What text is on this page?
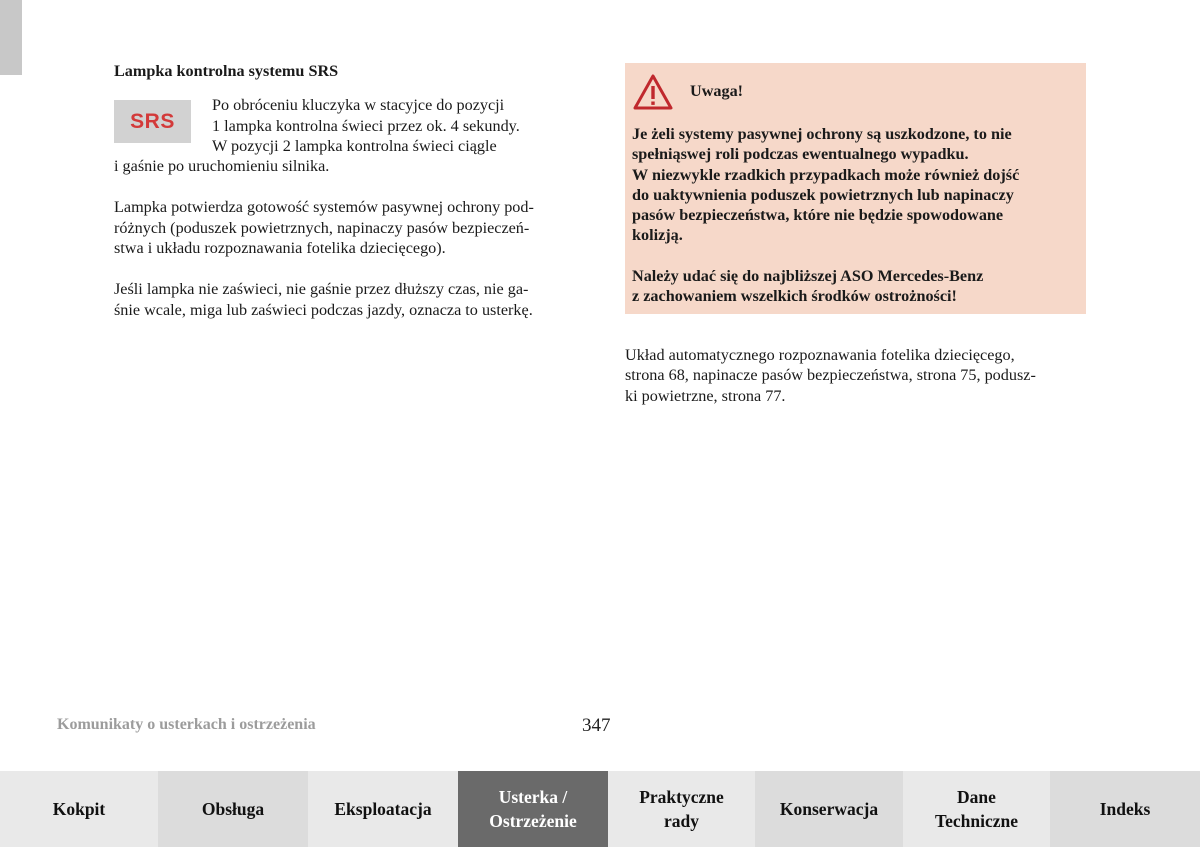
Lampka kontrolna systemu SRS
SRS
Po obróceniu kluczyka w stacyjce do pozycji
1 lampka kontrolna świeci przez ok. 4 sekundy.
W pozycji 2 lampka kontrolna świeci ciągle
i gaśnie po uruchomieniu silnika.
Lampka potwierdza gotowość systemów pasywnej ochrony pod-
różnych (poduszek powietrznych, napinaczy pasów bezpieczeń-
stwa i układu rozpoznawania fotelika dziecięcego).
Jeśli lampka nie zaświeci, nie gaśnie przez dłuższy czas, nie ga-
śnie wcale, miga lub zaświeci podczas jazdy, oznacza to usterkę.
Uwaga!
Je żeli systemy pasywnej ochrony są uszkodzone, to nie
spełniąswej roli podczas ewentualnego wypadku.
W niezwykle rzadkich przypadkach może również dojść
do uaktywnienia poduszek powietrznych lub napinaczy
pasów bezpieczeństwa, które nie będzie spowodowane
kolizją.
Należy udać się do najbliższej ASO Mercedes-Benz
z zachowaniem wszelkich środków ostrożności!
Układ automatycznego rozpoznawania fotelika dziecięcego,
strona 68, napinacze pasów bezpieczeństwa, strona 75, podusz-
ki powietrzne, strona 77.
Komunikaty o usterkach i ostrzeżenia	347
Kokpit	Obsługa	Eksploatacja
Usterka /
Ostrzeżenie
Praktyczne
rady
Konserwacja
Dane
Techniczne
Indeks
